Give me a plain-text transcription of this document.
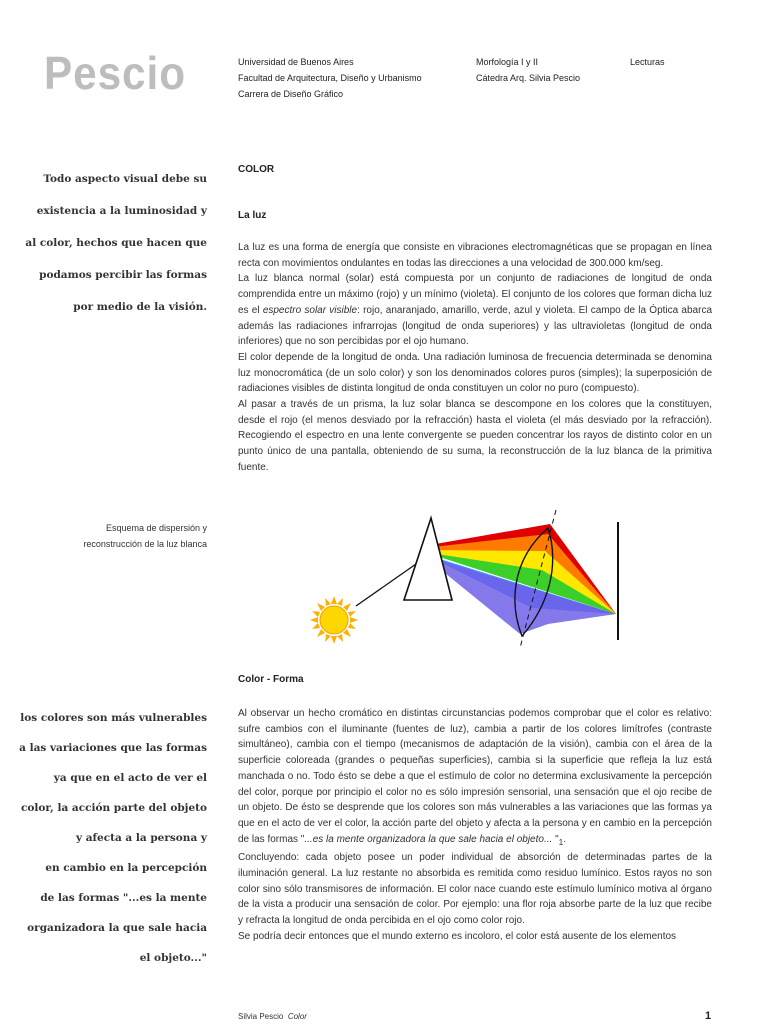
Pescio	Universidad de Buenos Aires
Facultad de Arquitectura, Diseño y Urbanismo
Carrera de Diseño Gráfico
Morfología I y II
Cátedra Arq. Silvia Pescio
Lecturas
Todo aspecto visual debe su
existencia a la luminosidad y
al color, hechos que hacen que
podamos percibir las formas
por medio de la visión.
COLOR
La luz

La luz es una forma de energía que consiste en vibraciones electromagnéticas que se propagan en línea recta con movimientos ondulantes en todas las direcciones a una velocidad de 300.000 km/seg.

La luz blanca normal (solar) está compuesta por un conjunto de radiaciones de longitud de onda comprendida entre un máximo (rojo) y un mínimo (violeta). El conjunto de los colores que forman dicha luz es el espectro solar visible: rojo, anaranjado, amarillo, verde, azul y violeta. El campo de la Óptica abarca además las radiaciones infrarrojas (longitud de onda superiores) y las ultravioletas (longitud de onda inferiores) que no son percibidas por el ojo humano.

El color depende de la longitud de onda. Una radiación luminosa de frecuencia determinada se denomina luz monocromática (de un solo color) y son los denominados colores puros (simples); la superposición de radiaciones visibles de distinta longitud de onda constituyen un color no puro (compuesto).

Al pasar a través de un prisma, la luz solar blanca se descompone en los colores que la constituyen, desde el rojo (el menos desviado por la refracción) hasta el violeta (el más desviado por la refracción). Recogiendo el espectro en una lente convergente se pueden concentrar los rayos de distinto color en un punto único de una pantalla, obteniendo de su suma, la reconstrucción de la luz blanca de la primitiva fuente.

Esquema de dispersión y
reconstrucción de la luz blanca
Color - Forma
los colores son más vulnerables
a las variaciones que las formas
ya que en el acto de ver el
color, la acción parte del objeto
y afecta a la persona y
en cambio en la percepción
de las formas "...es la mente
organizadora la que sale hacia
el objeto..."

Al observar un hecho cromático en distintas circunstancias podemos comprobar que el color es relativo: sufre cambios con el iluminante (fuentes de luz), cambia a partir de los colores limítrofes (contraste simultáneo), cambia con el tiempo (mecanismos de adaptación de la visión), cambia con el área de la superficie coloreada (grandes o pequeñas superficies), cambia si la superficie que refleja la luz está manchada o no. Todo ésto se debe a que el estímulo de color no determina exclusivamente la percepción del color, porque por principio el color no es sólo impresión sensorial, una sensación que el ojo recibe de un objeto. De ésto se desprende que los colores son más vulnerables a las variaciones que las formas ya que en el acto de ver el color, la acción parte del objeto y afecta a la persona y en cambio en la percepción de las formas "...es la mente organizadora la que sale hacia el objeto... "$_1$.

Concluyendo: cada objeto posee un poder individual de absorción de determinadas partes de la iluminación general. La luz restante no absorbida es remitida como residuo lumínico. Estos rayos no son color sino sólo transmisores de información. El color nace cuando este estímulo lumínico motiva al órgano de la vista a producir una sensación de color. Por ejemplo: una flor roja absorbe parte de la luz que recibe y refracta la longitud de onda percibida en el ojo como color rojo.

Se podría decir entonces que el mundo externo es incoloro, el color está ausente de los elementos

Silvia Pescio Color	1
